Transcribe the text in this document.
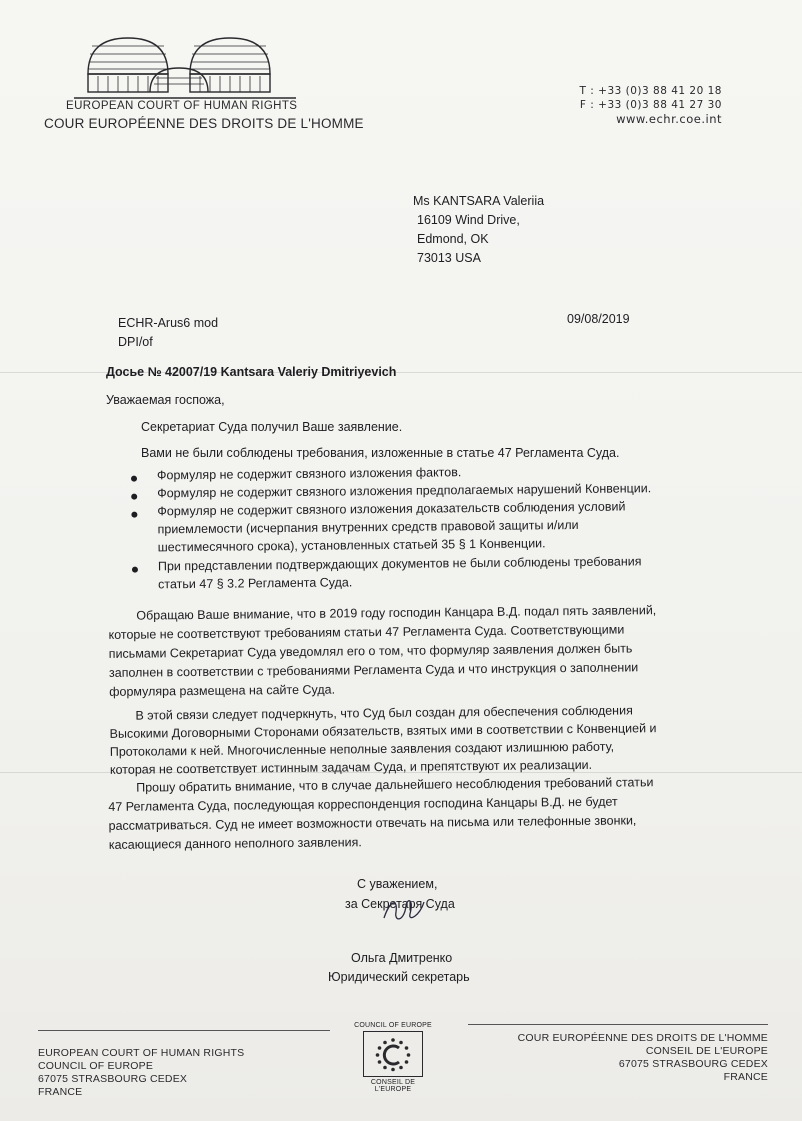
EUROPEAN COURT OF HUMAN RIGHTS
COUR EUROPÉENNE DES DROITS DE L'HOMME
T : +33 (0)3 88 41 20 18
F : +33 (0)3 88 41 27 30
www.echr.coe.int
Ms KANTSARA Valeriia
16109 Wind Drive,
Edmond, OK
73013 USA
ECHR-Arus6 mod
DPI/of
09/08/2019
Досье № 42007/19 Kantsara Valeriy Dmitriyevich
Уважаемая госпожа,
Секретариат Суда получил Ваше заявление.
Вами не были соблюдены требования, изложенные в статье 47 Регламента Суда.
Формуляр не содержит связного изложения фактов.
Формуляр не содержит связного изложения предполагаемых нарушений Конвенции.
Формуляр не содержит связного изложения доказательств соблюдения условий
приемлемости (исчерпания внутренних средств правовой защиты и/или
шестимесячного срока), установленных статьей 35 § 1 Конвенции.
При представлении подтверждающих документов не были соблюдены требования
статьи 47 § 3.2 Регламента Суда.
Обращаю Ваше внимание, что в 2019 году господин Канцара В.Д. подал пять заявлений,
которые не соответствуют требованиям статьи 47 Регламента Суда. Соответствующими
письмами Секретариат Суда уведомлял его о том, что формуляр заявления должен быть
заполнен в соответствии с требованиями Регламента Суда и что инструкция о заполнении
формуляра размещена на сайте Суда.
В этой связи следует подчеркнуть, что Суд был создан для обеспечения соблюдения
Высокими Договорными Сторонами обязательств, взятых ими в соответствии с Конвенцией и
Протоколами к ней. Многочисленные неполные заявления создают излишнюю работу,
которая не соответствует истинным задачам Суда, и препятствуют их реализации.
Прошу обратить внимание, что в случае дальнейшего несоблюдения требований статьи
47 Регламента Суда, последующая корреспонденция господина Канцары В.Д. не будет
рассматриваться. Суд не имеет возможности отвечать на письма или телефонные звонки,
касающиеся данного неполного заявления.
С уважением,
за Секретаря Суда
Ольга Дмитренко
Юридический секретарь
EUROPEAN COURT OF HUMAN RIGHTS
COUNCIL OF EUROPE
67075 STRASBOURG CEDEX
FRANCE
COUNCIL OF EUROPE
CONSEIL DE L'EUROPE
COUR EUROPÉENNE DES DROITS DE L'HOMME
CONSEIL DE L'EUROPE
67075 STRASBOURG CEDEX
FRANCE
